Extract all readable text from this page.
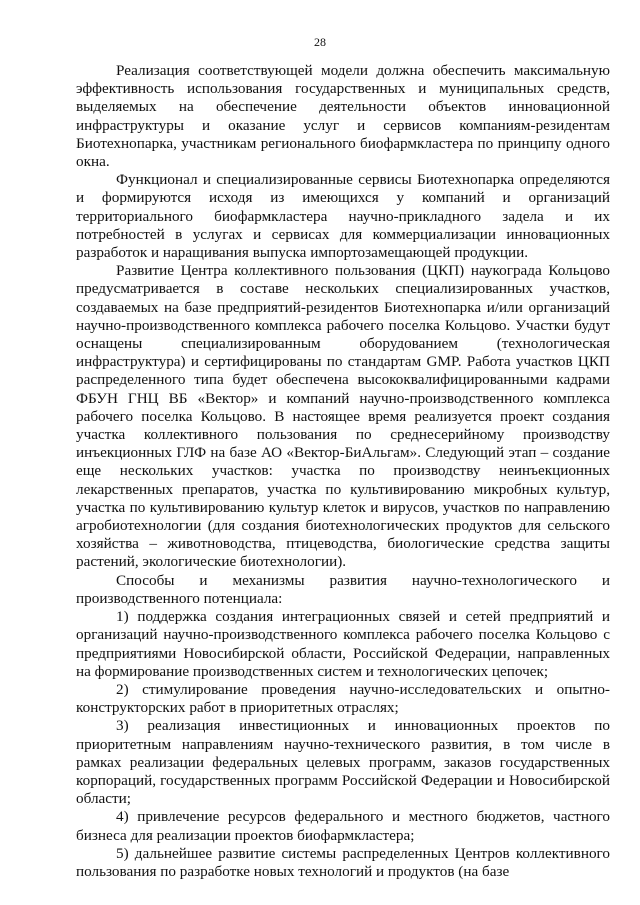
28

Реализация соответствующей модели должна обеспечить максимальную эффективность использования государственных и муниципальных средств, выделяемых на обеспечение деятельности объектов инновационной инфраструктуры и оказание услуг и сервисов компаниям-резидентам Биотехнопарка, участникам регионального биофармкластера по принципу одного окна.

Функционал и специализированные сервисы Биотехнопарка определяются и формируются исходя из имеющихся у компаний и организаций территориального биофармкластера научно-прикладного задела и их потребностей в услугах и сервисах для коммерциализации инновационных разработок и наращивания выпуска импортозамещающей продукции.

Развитие Центра коллективного пользования (ЦКП) наукограда Кольцово предусматривается в составе нескольких специализированных участков, создаваемых на базе предприятий-резидентов Биотехнопарка и/или организаций научно-производственного комплекса рабочего поселка Кольцово. Участки будут оснащены специализированным оборудованием (технологическая инфраструктура) и сертифицированы по стандартам GMP. Работа участков ЦКП распределенного типа будет обеспечена высококвалифицированными кадрами ФБУН ГНЦ ВБ «Вектор» и компаний научно-производственного комплекса рабочего поселка Кольцово. В настоящее время реализуется проект создания участка коллективного пользования по среднесерийному производству инъекционных ГЛФ на базе АО «Вектор-БиАльгам». Следующий этап – создание еще нескольких участков: участка по производству неинъекционных лекарственных препаратов, участка по культивированию микробных культур, участка по культивированию культур клеток и вирусов, участков по направлению агробиотехнологии (для создания биотехнологических продуктов для сельского хозяйства – животноводства, птицеводства, биологические средства защиты растений, экологические биотехнологии).

Способы и механизмы развития научно-технологического и производственного потенциала:

1) поддержка создания интеграционных связей и сетей предприятий и организаций научно-производственного комплекса рабочего поселка Кольцово с предприятиями Новосибирской области, Российской Федерации, направленных на формирование производственных систем и технологических цепочек;

2) стимулирование проведения научно-исследовательских и опытно-конструкторских работ в приоритетных отраслях;

3) реализация инвестиционных и инновационных проектов по приоритетным направлениям научно-технического развития, в том числе в рамках реализации федеральных целевых программ, заказов государственных корпораций, государственных программ Российской Федерации и Новосибирской области;

4) привлечение ресурсов федерального и местного бюджетов, частного бизнеса для реализации проектов биофармкластера;

5) дальнейшее развитие системы распределенных Центров коллективного пользования по разработке новых технологий и продуктов (на базе
